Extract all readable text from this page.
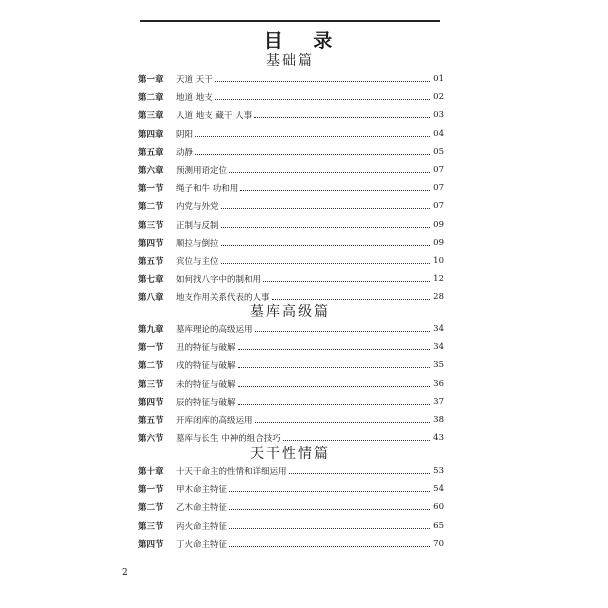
目 录
基础篇
第一章	天道 天干	01
第二章	地道 地支	02
第三章	人道 地支 藏干 人事	03
第四章	阴阳	04
第五章	动静	05
第六章	预测用语定位	07
第一节	绳子和牛 功和用	07
第二节	内党与外党	07
第三节	正制与反制	09
第四节	顺拉与倒拉	09
第五节	宾位与主位	10
第七章	如何找八字中的制和用	12
第八章	地支作用关系代表的人事	28
墓库高级篇
第九章	墓库理论的高级运用	34
第一节	丑的特征与破解	34
第二节	戌的特征与破解	35
第三节	未的特征与破解	36
第四节	辰的特征与破解	37
第五节	开库闭库的高级运用	38
第六节	墓库与长生 中神的组合技巧	43
天干性情篇
第十章	十天干命主的性情和详细运用	53
第一节	甲木命主特征	54
第二节	乙木命主特征	60
第三节	丙火命主特征	65
第四节	丁火命主特征	70
2
